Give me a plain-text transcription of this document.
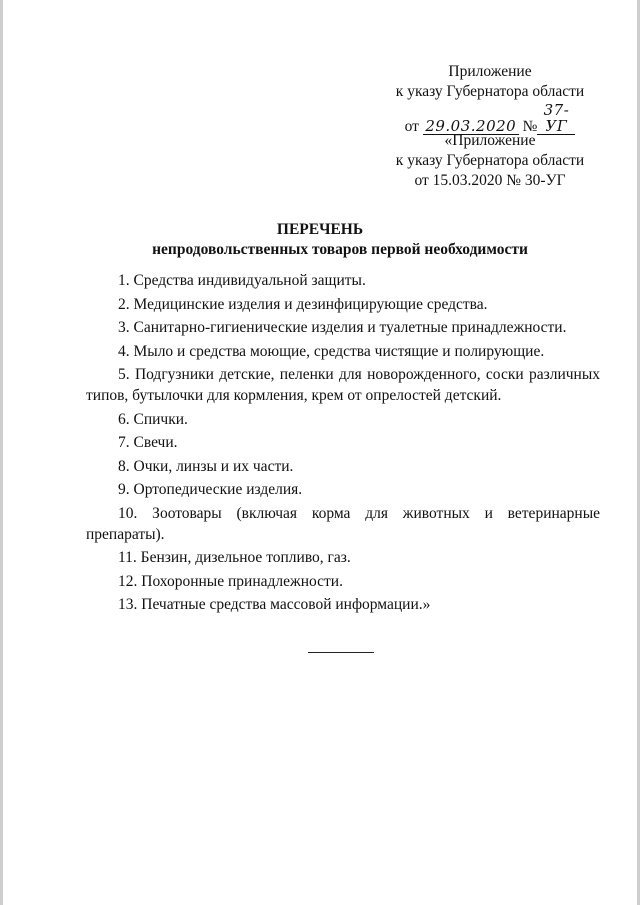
Приложение
к указу Губернатора области
от 29.03.2020 №37-УГ
«Приложение
к указу Губернатора области
от 15.03.2020 № 30-УГ
ПЕРЕЧЕНЬ
непродовольственных товаров первой необходимости
1. Средства индивидуальной защиты.
2. Медицинские изделия и дезинфицирующие средства.
3. Санитарно-гигиенические изделия и туалетные принадлежности.
4. Мыло и средства моющие, средства чистящие и полирующие.
5. Подгузники детские, пеленки для новорожденного, соски различных типов, бутылочки для кормления, крем от опрелостей детский.
6. Спички.
7. Свечи.
8. Очки, линзы и их части.
9. Ортопедические изделия.
10. Зоотовары (включая корма для животных и ветеринарные препараты).
11. Бензин, дизельное топливо, газ.
12. Похоронные принадлежности.
13. Печатные средства массовой информации.»
